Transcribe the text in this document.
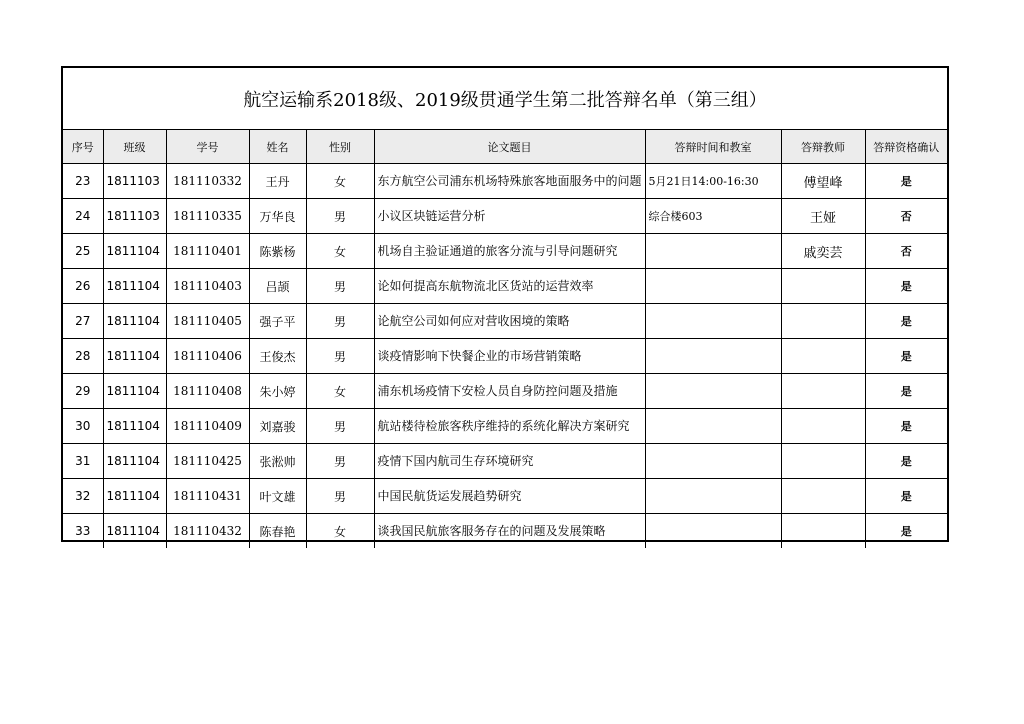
航空运输系2018级、2019级贯通学生第二批答辩名单（第三组）
序号	班级	学号	姓名	性别	论文题目	答辩时间和教室	答辩教师	答辩资格确认
23	1811103	181110332	王丹	女	东方航空公司浦东机场特殊旅客地面服务中的问题	5月21日14:00-16:30	傅望峰	是
24	1811103	181110335	万华良	男	小议区块链运营分析	综合楼603	王娅	否
25	1811104	181110401	陈紫杨	女	机场自主验证通道的旅客分流与引导问题研究		戚奕芸	否
26	1811104	181110403	吕颉	男	论如何提高东航物流北区货站的运营效率			是
27	1811104	181110405	强子平	男	论航空公司如何应对营收困境的策略			是
28	1811104	181110406	王俊杰	男	谈疫情影响下快餐企业的市场营销策略			是
29	1811104	181110408	朱小婷	女	浦东机场疫情下安检人员自身防控问题及措施			是
30	1811104	181110409	刘嘉骏	男	航站楼待检旅客秩序维持的系统化解决方案研究			是
31	1811104	181110425	张淞帅	男	疫情下国内航司生存环境研究			是
32	1811104	181110431	叶文雄	男	中国民航货运发展趋势研究			是
33	1811104	181110432	陈春艳	女	谈我国民航旅客服务存在的问题及发展策略			是
